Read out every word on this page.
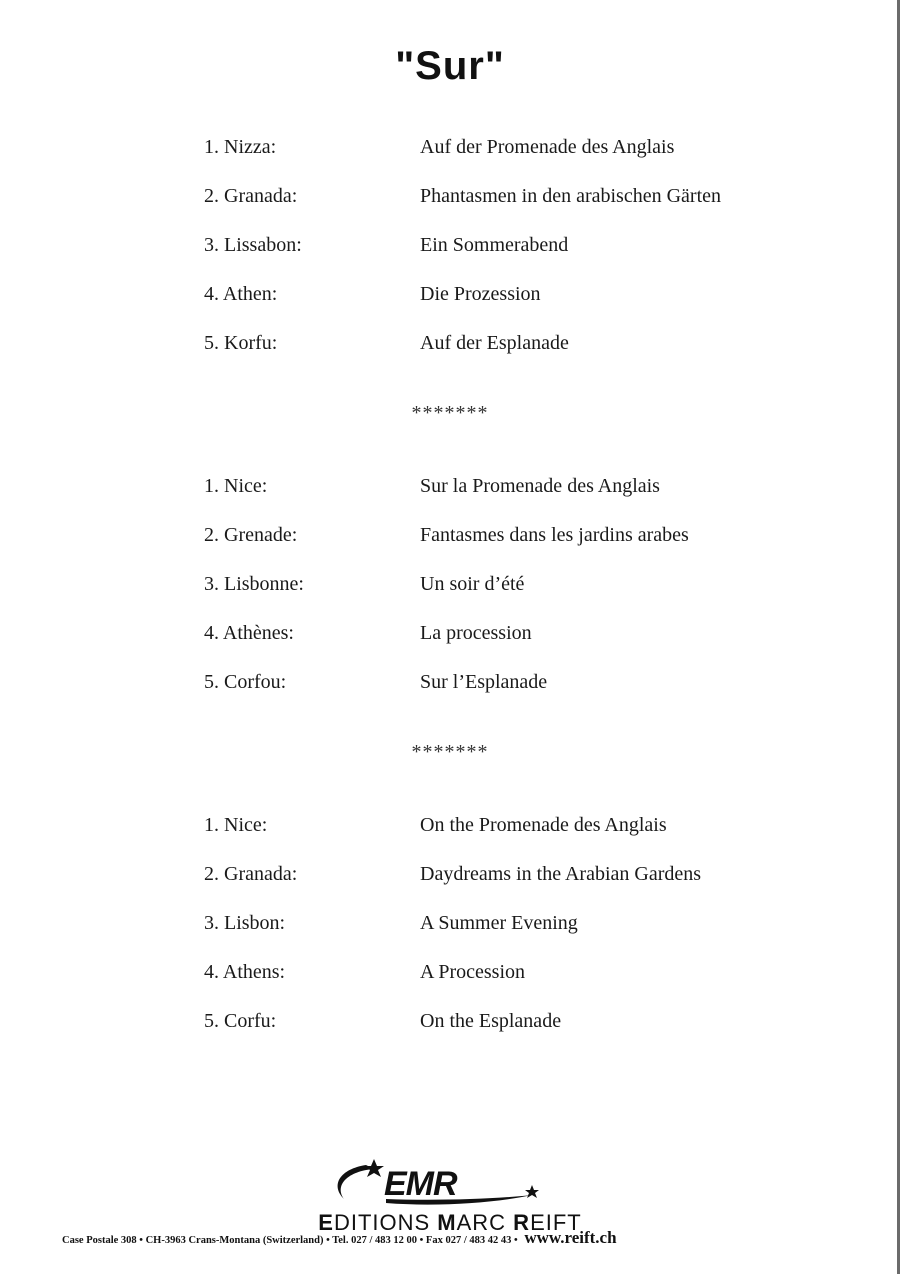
"Sur"
1. Nizza:	Auf der Promenade des Anglais
2. Granada:	Phantasmen in den arabischen Gärten
3. Lissabon:	Ein Sommerabend
4. Athen:	Die Prozession
5. Korfu:	Auf der Esplanade
*******
1. Nice:	Sur la Promenade des Anglais
2. Grenade:	Fantasmes dans les jardins arabes
3. Lisbonne:	Un soir d’été
4. Athènes:	La procession
5. Corfou:	Sur l’Esplanade
*******
1. Nice:	On the Promenade des Anglais
2. Granada:	Daydreams in the Arabian Gardens
3. Lisbon:	A Summer Evening
4. Athens:	A Procession
5. Corfu:	On the Esplanade
EMR
EDITIONS MARC REIFT
Case Postale 308 • CH-3963 Crans-Montana (Switzerland) • Tel. 027 / 483 12 00 • Fax 027 / 483 42 43 • www.reift.ch
